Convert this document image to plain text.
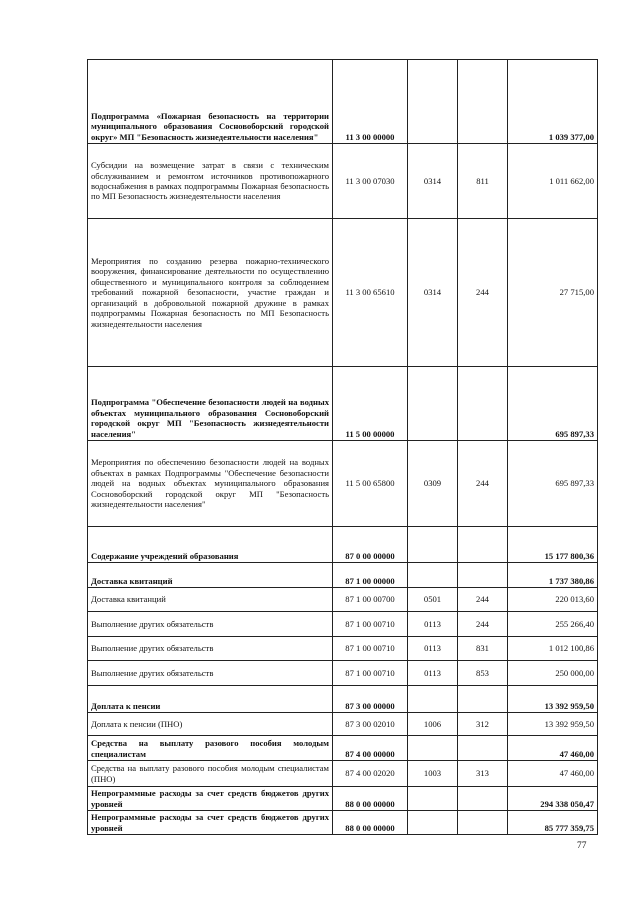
Подпрограмма «Пожарная безопасность на территории муниципального образования Сосновоборский городской округ» МП "Безопасность жизнедеятельности населения"	11 3 00 00000			1 039 377,00
Субсидии на возмещение затрат в связи с техническим обслуживанием и ремонтом источников противопожарного водоснабжения в рамках подпрограммы Пожарная безопасность по МП Безопасность жизнедеятельности населения	11 3 00 07030	0314	811	1 011 662,00
Мероприятия по созданию резерва пожарно-технического вооружения, финансирование деятельности по осуществлению общественного и муниципального контроля за соблюдением требований пожарной безопасности, участие граждан и организаций в добровольной пожарной дружине в рамках подпрограммы Пожарная безопасность по МП Безопасность жизнедеятельности населения	11 3 00 65610	0314	244	27 715,00
Подпрограмма "Обеспечение безопасности людей на водных объектах муниципального образования Сосновоборский городской округ МП "Безопасность жизнедеятельности населения"	11 5 00 00000			695 897,33
Мероприятия по обеспечению безопасности людей на водных объектах в рамках Подпрограммы "Обеспечение безопасности людей на водных объектах муниципального образования Сосновоборский городской округ МП "Безопасность жизнедеятельности населения"	11 5 00 65800	0309	244	695 897,33
Содержание учреждений образования	87 0 00 00000			15 177 800,36
Доставка квитанций	87 1 00 00000			1 737 380,86
Доставка квитанций	87 1 00 00700	0501	244	220 013,60
Выполнение других обязательств	87 1 00 00710	0113	244	255 266,40
Выполнение других обязательств	87 1 00 00710	0113	831	1 012 100,86
Выполнение других обязательств	87 1 00 00710	0113	853	250 000,00
Доплата к пенсии	87 3 00 00000			13 392 959,50
Доплата к пенсии (ПНО)	87 3 00 02010	1006	312	13 392 959,50
Средства на выплату разового пособия молодым специалистам	87 4 00 00000			47 460,00
Средства на выплату разового пособия молодым специалистам (ПНО)	87 4 00 02020	1003	313	47 460,00
Непрограммные расходы за счет средств бюджетов других уровней	88 0 00 00000			294 338 050,47
Непрограммные расходы за счет средств бюджетов других уровней	88 0 00 00000			85 777 359,75
77
